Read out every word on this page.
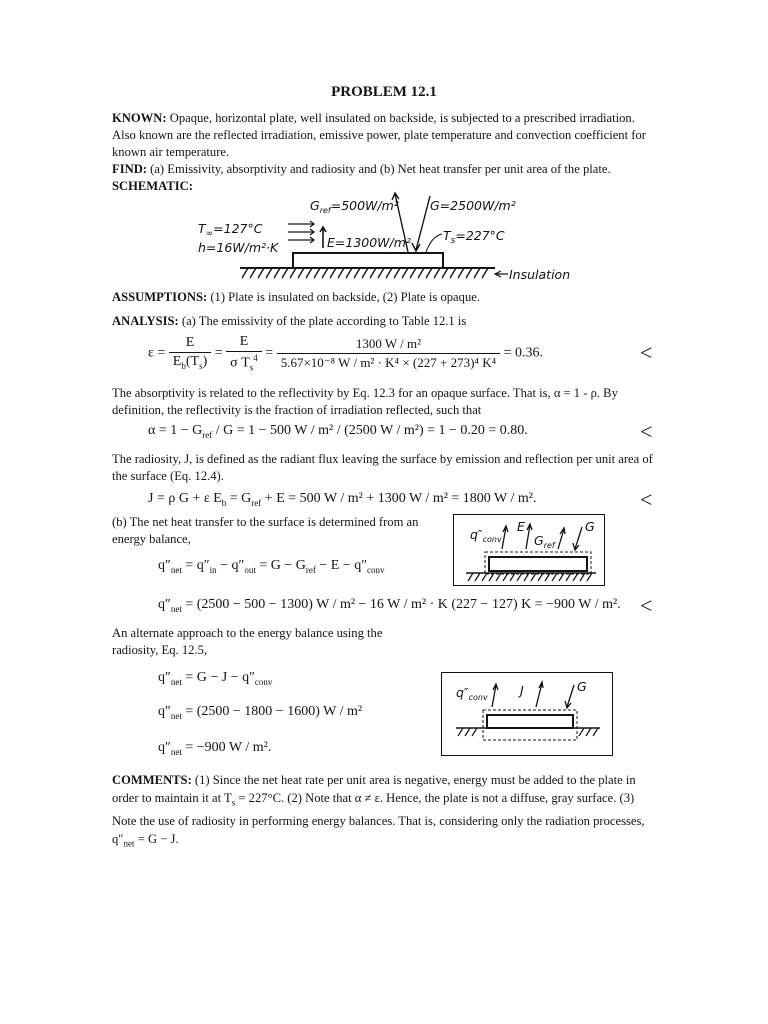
PROBLEM 12.1
KNOWN: Opaque, horizontal plate, well insulated on backside, is subjected to a prescribed irradiation. Also known are the reflected irradiation, emissive power, plate temperature and convection coefficient for known air temperature.
FIND: (a) Emissivity, absorptivity and radiosity and (b) Net heat transfer per unit area of the plate.
SCHEMATIC:
$G_{ref}=500W/m^2$ G=2500W/m²
$T_\infty=127^\circ C$
h=16W/m²·K	E=1300W/m²	$T_s=227^\circ C$
Insulation
ASSUMPTIONS: (1) Plate is insulated on backside, (2) Plate is opaque.
ANALYSIS: (a) The emissivity of the plate according to Table 12.1 is
$\varepsilon = \frac{E}{E_b(T_s)} = \frac{E}{\sigma T_s^4} = \frac{\text{1300 W / m²}}{\text{5.67×10⁻⁸ W / m² · K⁴ × (227 + 273)⁴ K⁴}} = 0.36$.	<
The absorptivity is related to the reflectivity by Eq. 12.3 for an opaque surface. That is, α = 1 - ρ. By definition, the reflectivity is the fraction of irradiation reflected, such that
$\alpha = 1 - G_{ref} / G = 1 - 500$ W / m² / (2500 W / m²) = 1 − 0.20 = 0.80.	<
The radiosity, J, is defined as the radiant flux leaving the surface by emission and reflection per unit area of the surface (Eq. 12.4).
J = ρ G + ε $E_b = G_{ref} + E = 500$ W / m² + 1300 W / m² = 1800 W / m².	<
(b) The net heat transfer to the surface is determined from an energy balance,
$q''_{net} = q''_{in} - q''_{out} = G - G_{ref} - E - q''_{conv}$
$q''_{conv}$
E
$G_{ref}$
G
$q''_{net} = (2500 - 500 - 1300)$ W / m² − 16 W / m² · K (227 − 127) K = −900 W / m². <
An alternate approach to the energy balance using the radiosity, Eq. 12.5,
$q''_{net} = G - J - q''_{conv}$
$q''_{net} = (2500 - 1800 - 1600)$ W / m²
$q''_{net} = -900$ W / m².
$q''_{conv}$	J	G
COMMENTS: (1) Since the net heat rate per unit area is negative, energy must be added to the plate in order to maintain it at $T_s = 227^\circ C$. (2) Note that α ≠ ε. Hence, the plate is not a diffuse, gray surface. (3) Note the use of radiosity in performing energy balances. That is, considering only the radiation processes, $q''_{net} = G - J$.
